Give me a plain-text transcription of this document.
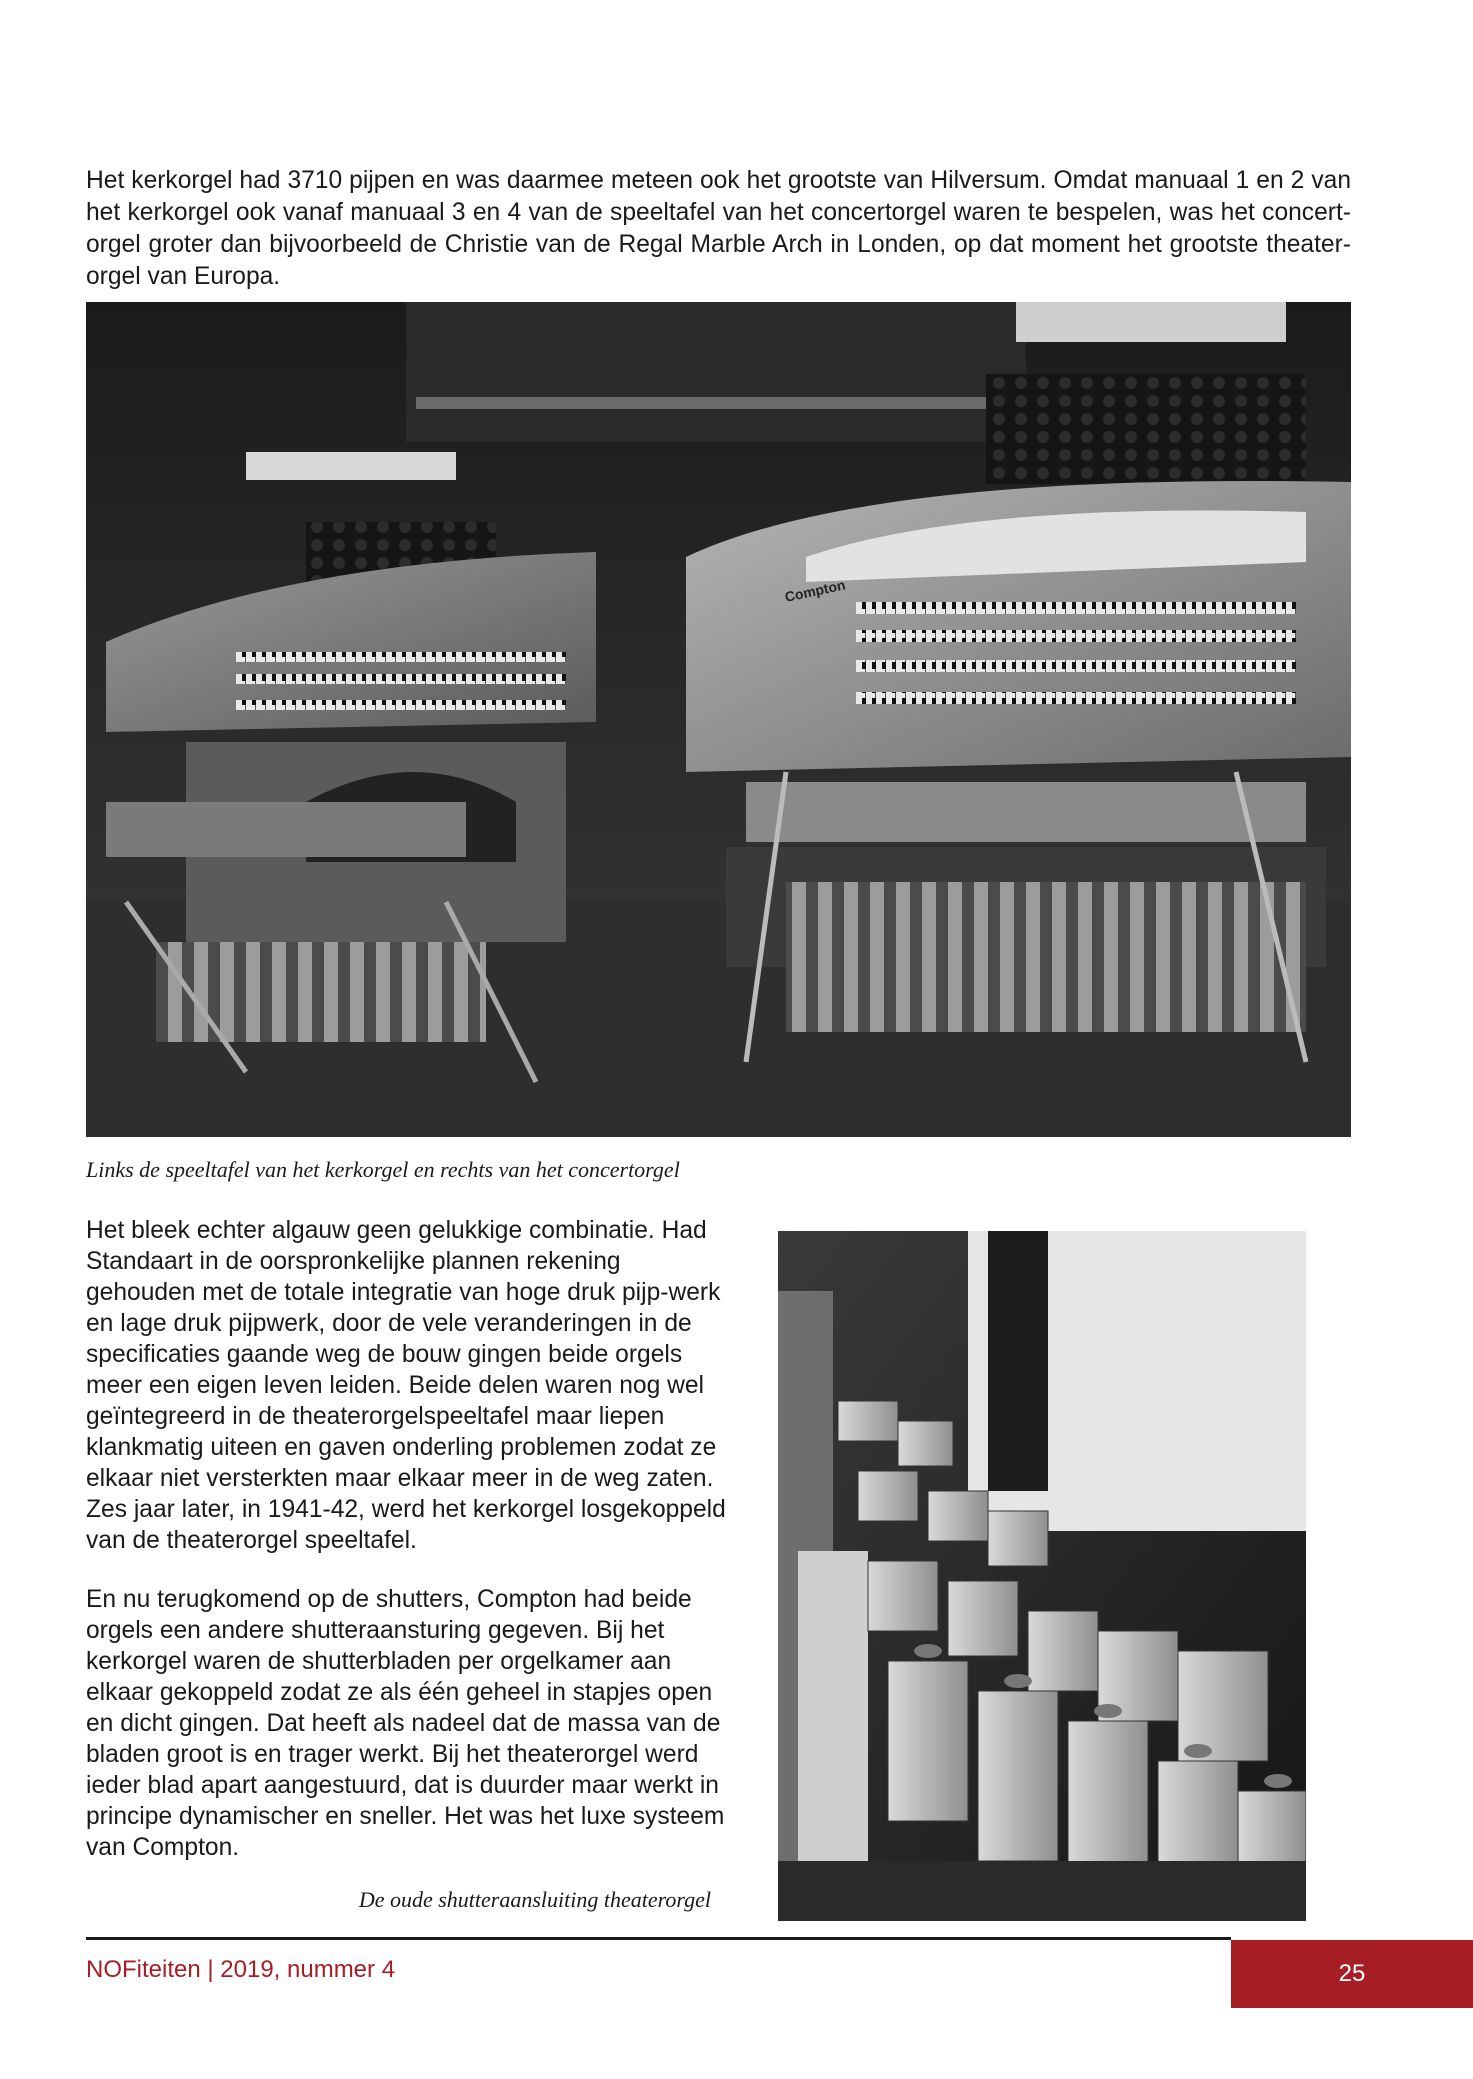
Het kerkorgel had 3710 pijpen en was daarmee meteen ook het grootste van Hilversum. Omdat manuaal 1 en 2 van het kerkorgel ook vanaf manuaal 3 en 4 van de speeltafel van het concertorgel waren te bespelen, was het concert-orgel groter dan bijvoorbeeld de Christie van de Regal Marble Arch in Londen, op dat moment het grootste theater-orgel van Europa.

Compton

Links de speeltafel van het kerkorgel en rechts van het concertorgel

Het bleek echter algauw geen gelukkige combinatie. Had Standaart in de oorspronkelijke plannen rekening gehouden met de totale integratie van hoge druk pijp-werk en lage druk pijpwerk, door de vele veranderingen in de specificaties gaande weg de bouw gingen beide orgels meer een eigen leven leiden. Beide delen waren nog wel geïntegreerd in de theaterorgelspeeltafel maar liepen klankmatig uiteen en gaven onderling problemen zodat ze elkaar niet versterkten maar elkaar meer in de weg zaten. Zes jaar later, in 1941-42, werd het kerkorgel losgekoppeld van de theaterorgel speeltafel.

En nu terugkomend op de shutters, Compton had beide orgels een andere shutteraansturing gegeven. Bij het kerkorgel waren de shutterbladen per orgelkamer aan elkaar gekoppeld zodat ze als één geheel in stapjes open en dicht gingen. Dat heeft als nadeel dat de massa van de bladen groot is en trager werkt. Bij het theaterorgel werd ieder blad apart aangestuurd, dat is duurder maar werkt in principe dynamischer en sneller. Het was het luxe systeem van Compton.

De oude shutteraansluiting theaterorgel

NOFiteiten | 2019, nummer 4	25
